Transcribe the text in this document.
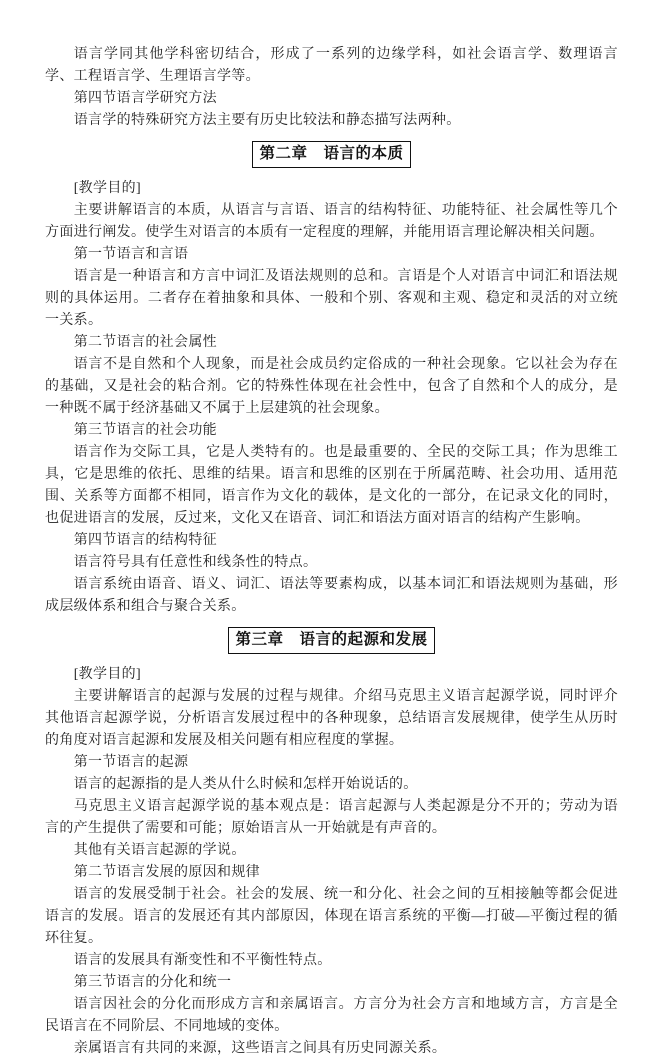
语言学同其他学科密切结合，形成了一系列的边缘学科，如社会语言学、数理语言学、工程语言学、生理语言学等。

第四节语言学研究方法

语言学的特殊研究方法主要有历史比较法和静态描写法两种。

第二章　语言的本质

[教学目的]

主要讲解语言的本质，从语言与言语、语言的结构特征、功能特征、社会属性等几个方面进行阐发。使学生对语言的本质有一定程度的理解，并能用语言理论解决相关问题。

第一节语言和言语

语言是一种语言和方言中词汇及语法规则的总和。言语是个人对语言中词汇和语法规则的具体运用。二者存在着抽象和具体、一般和个别、客观和主观、稳定和灵活的对立统一关系。

第二节语言的社会属性

语言不是自然和个人现象，而是社会成员约定俗成的一种社会现象。它以社会为存在的基础，又是社会的粘合剂。它的特殊性体现在社会性中，包含了自然和个人的成分，是一种既不属于经济基础又不属于上层建筑的社会现象。

第三节语言的社会功能

语言作为交际工具，它是人类特有的。也是最重要的、全民的交际工具；作为思维工具，它是思维的依托、思维的结果。语言和思维的区别在于所属范畴、社会功用、适用范围、关系等方面都不相同，语言作为文化的载体，是文化的一部分，在记录文化的同时，也促进语言的发展，反过来，文化又在语音、词汇和语法方面对语言的结构产生影响。

第四节语言的结构特征

语言符号具有任意性和线条性的特点。

语言系统由语音、语义、词汇、语法等要素构成，以基本词汇和语法规则为基础，形成层级体系和组合与聚合关系。

第三章　语言的起源和发展

[教学目的]

主要讲解语言的起源与发展的过程与规律。介绍马克思主义语言起源学说，同时评介其他语言起源学说，分析语言发展过程中的各种现象，总结语言发展规律，使学生从历时的角度对语言起源和发展及相关问题有相应程度的掌握。

第一节语言的起源

语言的起源指的是人类从什么时候和怎样开始说话的。

马克思主义语言起源学说的基本观点是：语言起源与人类起源是分不开的；劳动为语言的产生提供了需要和可能；原始语言从一开始就是有声音的。

其他有关语言起源的学说。

第二节语言发展的原因和规律

语言的发展受制于社会。社会的发展、统一和分化、社会之间的互相接触等都会促进语言的发展。语言的发展还有其内部原因，体现在语言系统的平衡—打破—平衡过程的循环往复。

语言的发展具有渐变性和不平衡性特点。

第三节语言的分化和统一

语言因社会的分化而形成方言和亲属语言。方言分为社会方言和地域方言，方言是全民语言在不同阶层、不同地域的变体。

亲属语言有共同的来源，这些语言之间具有历史同源关系。
